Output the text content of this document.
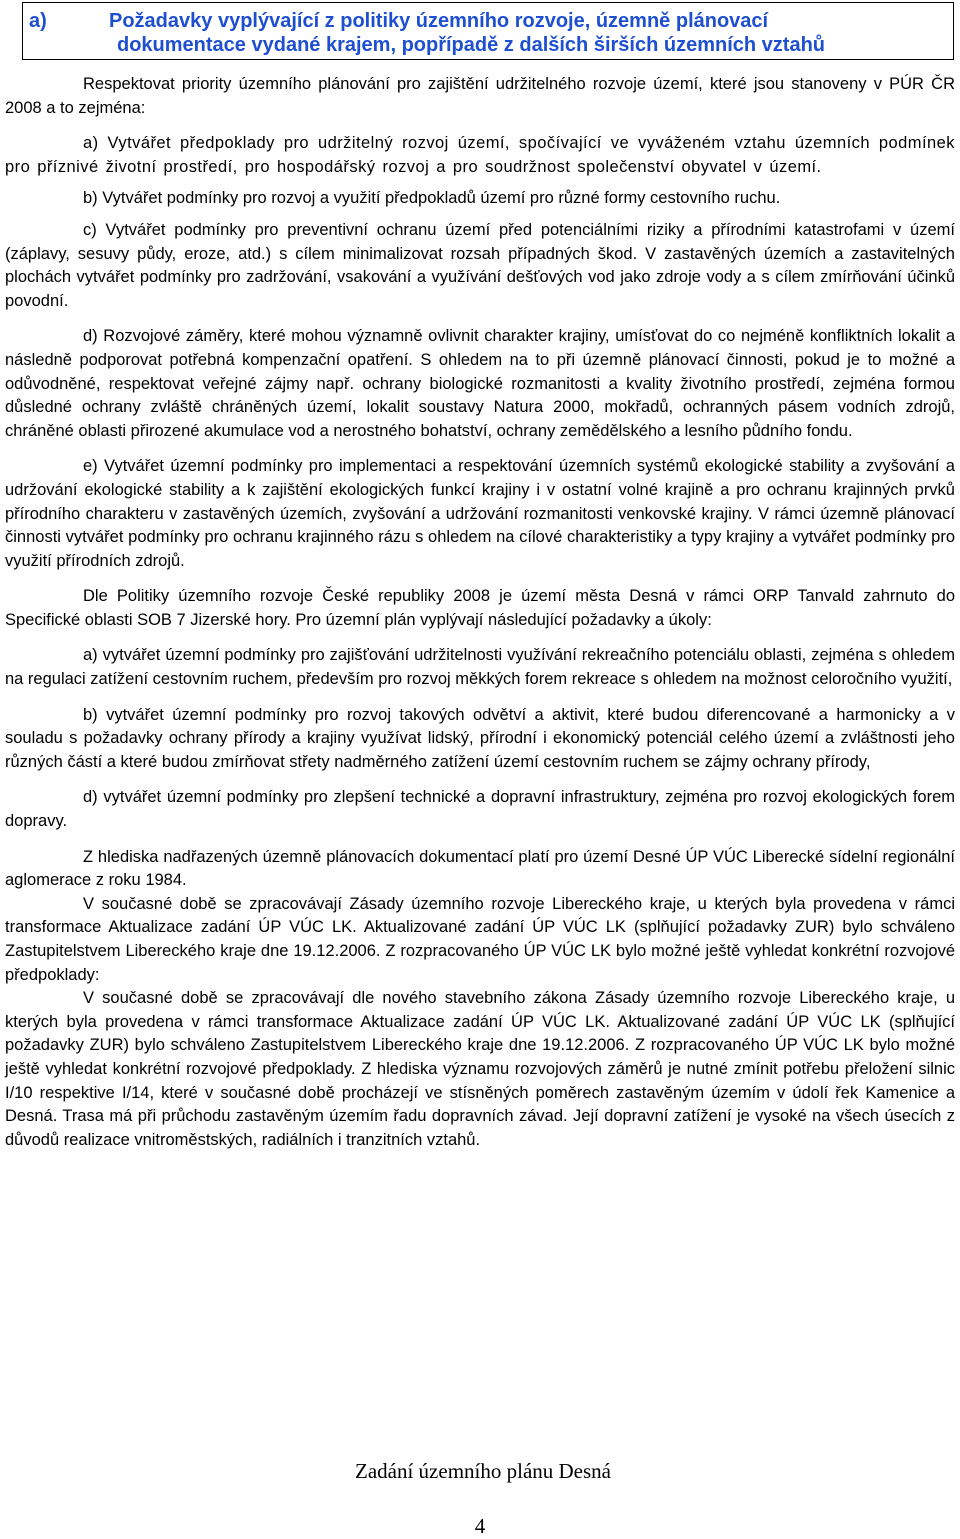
a)	Požadavky vyplývající z politiky územního rozvoje, územně plánovací
dokumentace vydané krajem, popřípadě z dalších širších územních vztahů

Respektovat priority územního plánování pro zajištění udržitelného rozvoje území, které jsou stanoveny v PÚR ČR 2008 a to zejména:

a) Vytvářet předpoklady pro udržitelný rozvoj území, spočívající ve vyváženém vztahu územních podmínek pro příznivé životní prostředí, pro hospodářský rozvoj a pro soudržnost společenství obyvatel v území.

b) Vytvářet podmínky pro rozvoj a využití předpokladů území pro různé formy cestovního ruchu.

c) Vytvářet podmínky pro preventivní ochranu území před potenciálními riziky a přírodními katastrofami v území (záplavy, sesuvy půdy, eroze, atd.) s cílem minimalizovat rozsah případných škod. V zastavěných územích a zastavitelných plochách vytvářet podmínky pro zadržování, vsakování a využívání dešťových vod jako zdroje vody a s cílem zmírňování účinků povodní.

d) Rozvojové záměry, které mohou významně ovlivnit charakter krajiny, umísťovat do co nejméně konfliktních lokalit a následně podporovat potřebná kompenzační opatření. S ohledem na to při územně plánovací činnosti, pokud je to možné a odůvodněné, respektovat veřejné zájmy např. ochrany biologické rozmanitosti a kvality životního prostředí, zejména formou důsledné ochrany zvláště chráněných území, lokalit soustavy Natura 2000, mokřadů, ochranných pásem vodních zdrojů, chráněné oblasti přirozené akumulace vod a nerostného bohatství, ochrany zemědělského a lesního půdního fondu.

e) Vytvářet územní podmínky pro implementaci a respektování územních systémů ekologické stability a zvyšování a udržování ekologické stability a k zajištění ekologických funkcí krajiny i v ostatní volné krajině a pro ochranu krajinných prvků přírodního charakteru v zastavěných územích, zvyšování a udržování rozmanitosti venkovské krajiny. V rámci územně plánovací činnosti vytvářet podmínky pro ochranu krajinného rázu s ohledem na cílové charakteristiky a typy krajiny a vytvářet podmínky pro využití přírodních zdrojů.

Dle Politiky územního rozvoje České republiky 2008 je území města Desná v rámci ORP Tanvald zahrnuto do Specifické oblasti SOB 7 Jizerské hory. Pro územní plán vyplývají následující požadavky a úkoly:

a) vytvářet územní podmínky pro zajišťování udržitelnosti využívání rekreačního potenciálu oblasti, zejména s ohledem na regulaci zatížení cestovním ruchem, především pro rozvoj měkkých forem rekreace s ohledem na možnost celoročního využití,

b) vytvářet územní podmínky pro rozvoj takových odvětví a aktivit, které budou diferencované a harmonicky a v souladu s požadavky ochrany přírody a krajiny využívat lidský, přírodní i ekonomický potenciál celého území a zvláštnosti jeho různých částí a které budou zmírňovat střety nadměrného zatížení území cestovním ruchem se zájmy ochrany přírody,

d) vytvářet územní podmínky pro zlepšení technické a dopravní infrastruktury, zejména pro rozvoj ekologických forem dopravy.

Z hlediska nadřazených územně plánovacích dokumentací platí pro území Desné ÚP VÚC Liberecké sídelní regionální aglomerace z roku 1984.

V současné době se zpracovávají Zásady územního rozvoje Libereckého kraje, u kterých byla provedena v rámci transformace Aktualizace zadání ÚP VÚC LK. Aktualizované zadání ÚP VÚC LK (splňující požadavky ZUR) bylo schváleno Zastupitelstvem Libereckého kraje dne 19.12.2006. Z rozpracovaného ÚP VÚC LK bylo možné ještě vyhledat konkrétní rozvojové předpoklady:

V současné době se zpracovávají dle nového stavebního zákona Zásady územního rozvoje Libereckého kraje, u kterých byla provedena v rámci transformace Aktualizace zadání ÚP VÚC LK. Aktualizované zadání ÚP VÚC LK (splňující požadavky ZUR) bylo schváleno Zastupitelstvem Libereckého kraje dne 19.12.2006. Z rozpracovaného ÚP VÚC LK bylo možné ještě vyhledat konkrétní rozvojové předpoklady. Z hlediska významu rozvojových záměrů je nutné zmínit potřebu přeložení silnic I/10 respektive I/14, které v současné době procházejí ve stísněných poměrech zastavěným územím v údolí řek Kamenice a Desná. Trasa má při průchodu zastavěným územím řadu dopravních závad. Její dopravní zatížení je vysoké na všech úsecích z důvodů realizace vnitroměstských, radiálních i tranzitních vztahů.

Zadání územního plánu Desná
4
